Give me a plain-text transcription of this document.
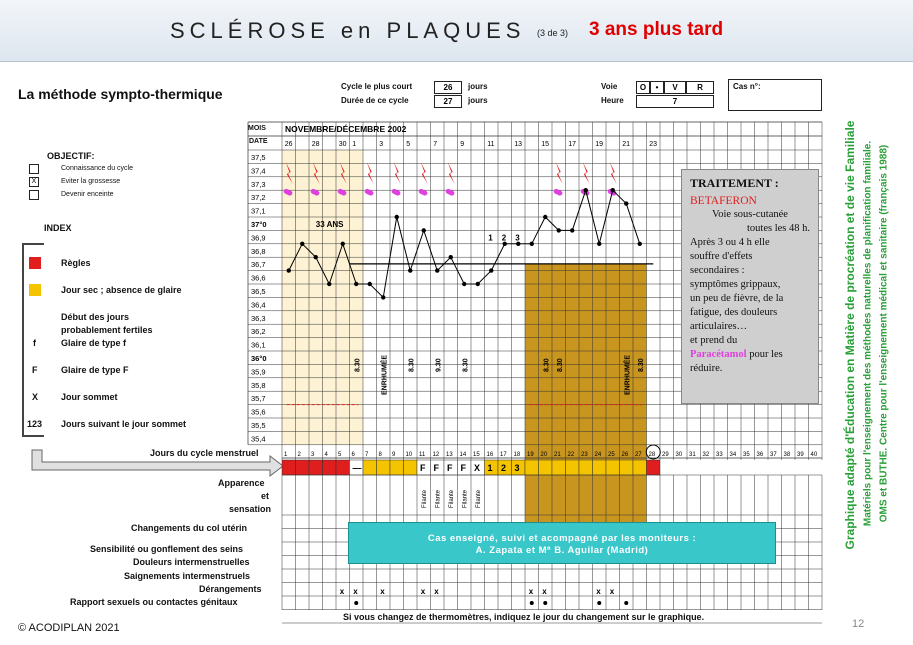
SCLÉROSE en PLAQUES (3 de 3) 3 ans plus tard
La méthode sympto-thermique	Cycle le plus court	26	jours
Durée de ce cycle	27	jours
Voie	O	•	V	R
Heure	7
Cas n°:
OBJECTIF:
Connaissance du cycle
X	Eviter la grossesse
Devenir enceinte
INDEX
Règles
Jour sec ; absence de glaire
Début des jours probablement fertiles
f	Glaire de type f
F	Glaire de type F
X	Jour sommet
123 Jours suivant le jour sommet
MOIS
DATE
Jours du cycle menstruel
Apparence
et
sensation
Changements du col utérin
Sensibilité ou gonflement des seins
Douleurs intermenstruelles
Saignements intermenstruels
Dérangements
Rapport sexuels ou contactes génitaux
Si vous changez de thermomètres, indiquez le jour du changement sur le graphique.
NOVEMBRE/DÉCEMBRE 2002
26	28	30 1	3	5	7	9	11	13	15	17	19	21	23
37,5
37,4
37,3
37,2
37,1
37°0
36,9
36,8
36,7
36,6
36,5
36,4
36,3
36,2
36,1
36°0
35,9
35,8
35,7
35,6
35,5
35,4
1 2 3 4 5 6 7 8 9 10 11 12 13 14 15 16 17 18 19 20 21 22 23 24 25 26 27 28 29 30 31 32 33 34 35 36 37 38 39 40
—	F F F F X 1 2 3
Filante Filante Filante Filante Filante
x x	x	x x	x x	x x
1 2 3
33 ANS
ENRHUMÉE	ENRHUMÉE
8.30	8.30	9.30	8.30	8.30 8.30	8.30
TRAITEMENT :
BETAFERON
Voie sous-cutanée
toutes les 48 h.
Après 3 ou 4 h elle
souffre d'effets
secondaires :
symptômes grippaux,
un peu de fièvre, de la
fatigue, des douleurs
articulaires…
et prend du
Paracétamol pour les
réduire.
Cas enseigné, suivi et acompagné par les moniteurs :
A. Zapata et Mª B. Aguilar (Madrid)
Graphique adapté d'Éducation en Matière de procréation et de vie Familiale Matériels pour l'enseignement des méthodes naturelles de planification familiale. OMS et BUTHE. Centre pour l'enseignement médical et sanitaire (français 1988)
© ACODIPLAN 2021	12
